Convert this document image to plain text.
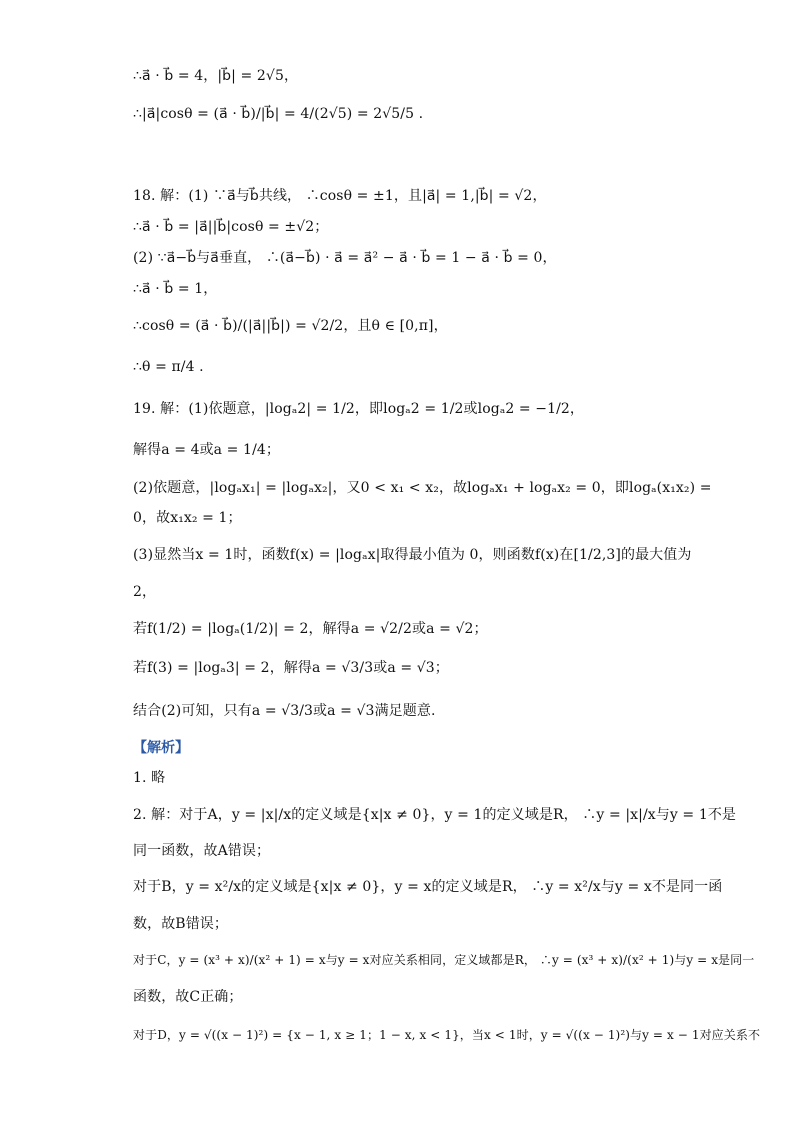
∴a⃗ · b⃗ = 4，|b⃗| = 2√5，
∴|a⃗|cosθ = (a⃗ · b⃗)/|b⃗| = 4/(2√5) = 2√5/5 .
18. 解：(1) ∵a⃗与b⃗共线， ∴cosθ = ±1，且|a⃗| = 1,|b⃗| = √2，
∴a⃗ · b⃗ = |a⃗||b⃗|cosθ = ±√2；
(2) ∵a⃗−b⃗与a⃗垂直， ∴(a⃗−b⃗) · a⃗ = a⃗² − a⃗ · b⃗ = 1 − a⃗ · b⃗ = 0，
∴a⃗ · b⃗ = 1，
∴cosθ = (a⃗ · b⃗)/(|a⃗||b⃗|) = √2/2，且θ ∈ [0,π]，
∴θ = π/4 .
19. 解：(1)依题意，|logₐ2| = 1/2，即logₐ2 = 1/2或logₐ2 = −1/2，
解得a = 4或a = 1/4；
(2)依题意，|logₐx₁| = |logₐx₂|，又0 < x₁ < x₂，故logₐx₁ + logₐx₂ = 0，即logₐ(x₁x₂) =
0，故x₁x₂ = 1；
(3)显然当x = 1时，函数f(x) = |logₐx|取得最小值为 0，则函数f(x)在[1/2,3]的最大值为
2，
若f(1/2) = |logₐ(1/2)| = 2，解得a = √2/2或a = √2；
若f(3) = |logₐ3| = 2，解得a = √3/3或a = √3；
结合(2)可知，只有a = √3/3或a = √3满足题意.
【解析】
1. 略
2. 解：对于A，y = |x|/x的定义域是{x|x ≠ 0}，y = 1的定义域是R， ∴y = |x|/x与y = 1不是
同一函数，故A错误；
对于B，y = x²/x的定义域是{x|x ≠ 0}，y = x的定义域是R， ∴y = x²/x与y = x不是同一函
数，故B错误；
对于C，y = (x³ + x)/(x² + 1) = x与y = x对应关系相同，定义域都是R， ∴y = (x³ + x)/(x² + 1)与y = x是同一
函数，故C正确；
对于D，y = √((x − 1)²) = {x − 1, x ≥ 1；1 − x, x < 1}，当x < 1时，y = √((x − 1)²)与y = x − 1对应关系不
